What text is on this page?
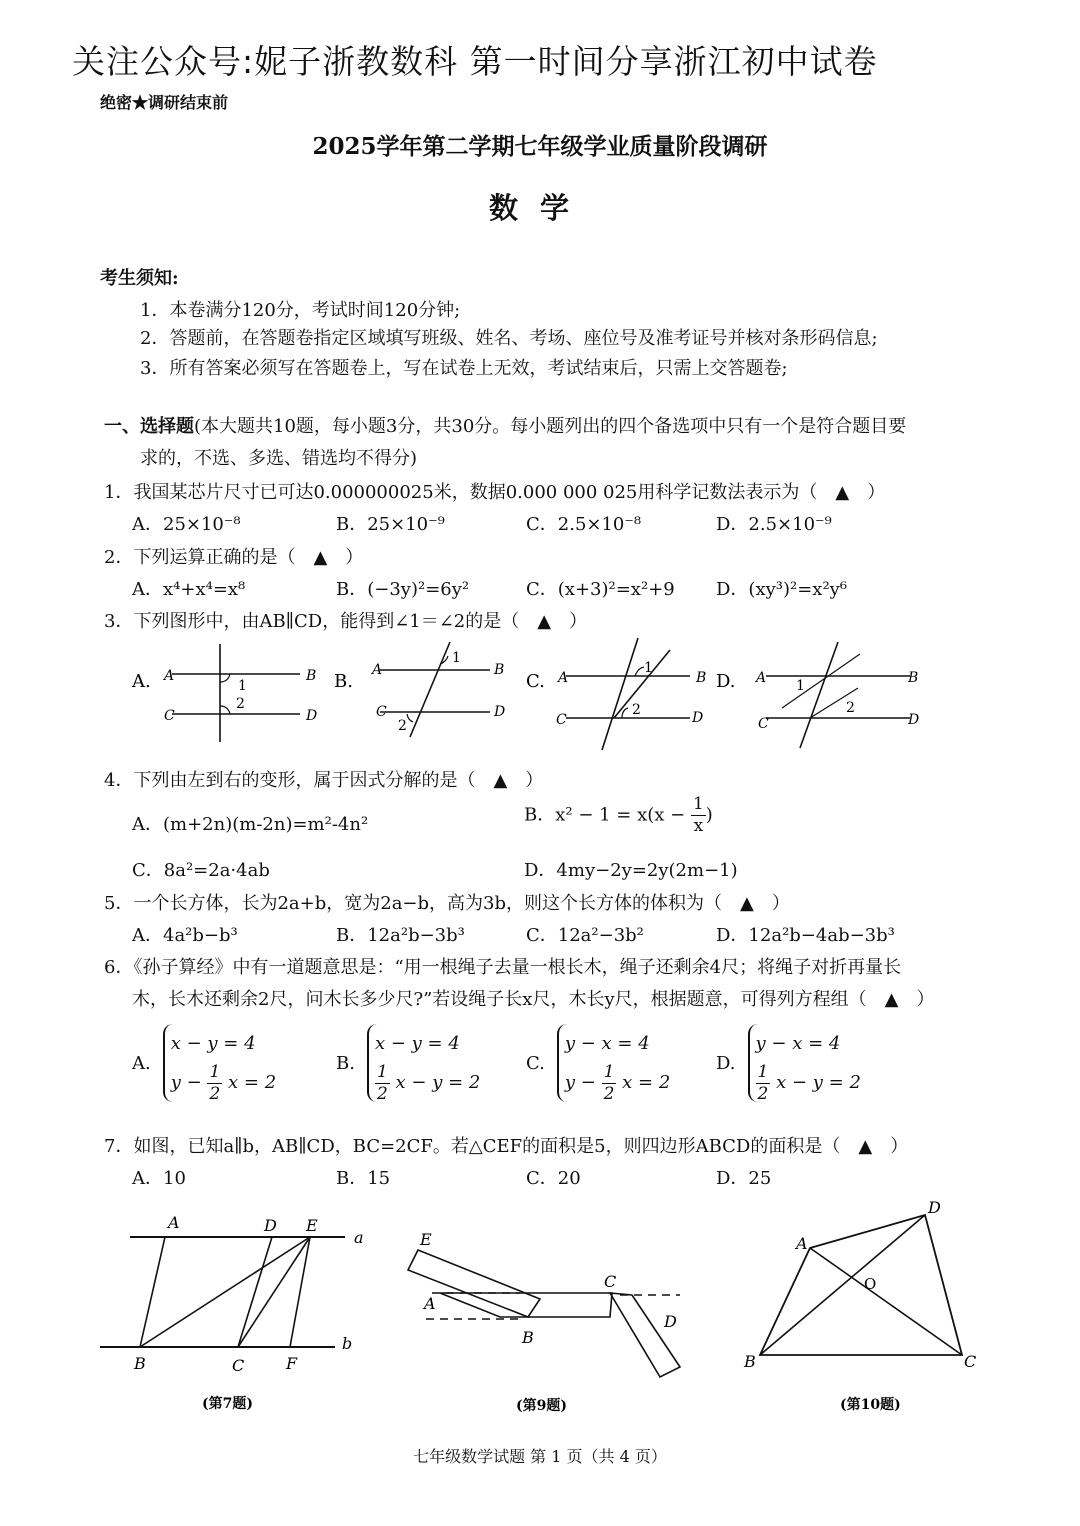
关注公众号:妮子浙教数科 第一时间分享浙江初中试卷
绝密★调研结束前
2025学年第二学期七年级学业质量阶段调研
数学
考生须知:
1．本卷满分120分，考试时间120分钟;
2．答题前，在答题卷指定区域填写班级、姓名、考场、座位号及准考证号并核对条形码信息;
3．所有答案必须写在答题卷上，写在试卷上无效，考试结束后，只需上交答题卷;
一、选择题(本大题共10题，每小题3分，共30分。每小题列出的四个备选项中只有一个是符合题目要
求的，不选、多选、错选均不得分)
1．我国某芯片尺寸已可达0.000000025米，数据0.000 000 025用科学记数法表示为（　▲　）
A．25×10⁻⁸	B．25×10⁻⁹	C．2.5×10⁻⁸	D．2.5×10⁻⁹
2．下列运算正确的是（　▲　）
A．x⁴+x⁴=x⁸	B．(−3y)²=6y²	C．(x+3)²=x²+9 D．(xy³)²=x²y⁶
3．下列图形中，由AB∥CD，能得到∠1＝∠2的是（　▲　）
A. A	B
C	D
1
2
B.
A	B
C	D
1
2
C. A	B
C	D
1
2
D. A	B
C	D
1
2
4．下列由左到右的变形，属于因式分解的是（　▲　）
A．(m+2n)(m-2n)=m²-4n²	B．$x^2 - 1 = x(x - \frac{1}{x}$ )
C．8a²=2a·4ab	D．4my−2y=2y(2m−1)
5．一个长方体，长为2a+b，宽为2a−b，高为3b，则这个长方体的体积为（　▲　）
A．4a²b−b³	B．12a²b−3b³	C．12a²−3b²	D．12a²b−4ab−3b³
6．《孙子算经》中有一道题意思是：“用一根绳子去量一根长木，绳子还剩余4尺；将绳子对折再量长
木，长木还剩余2尺，问木长多少尺?”若设绳子长x尺，木长y尺，根据题意，可得列方程组（　▲　）
A.
x − y = 4
$y - \frac{1}{2}$ x = 2
B.
x − y = 4
$\frac{1}{2}$ x − y = 2
C.
y − x = 4
$y - \frac{1}{2}$ x = 2
D.
y − x = 4
$\frac{1}{2}$ x − y = 2
7．如图，已知a∥b，AB∥CD，BC=2CF。若△CEF的面积是5，则四边形ABCD的面积是（　▲　）
A．10	B．15	C．20	D．25
A	D E
a
B	C	F
b
(第7题)
E
A
C
B
D
(第9题)
D
A
O
B	C
(第10题)
七年级数学试题 第 1 页（共 4 页）
